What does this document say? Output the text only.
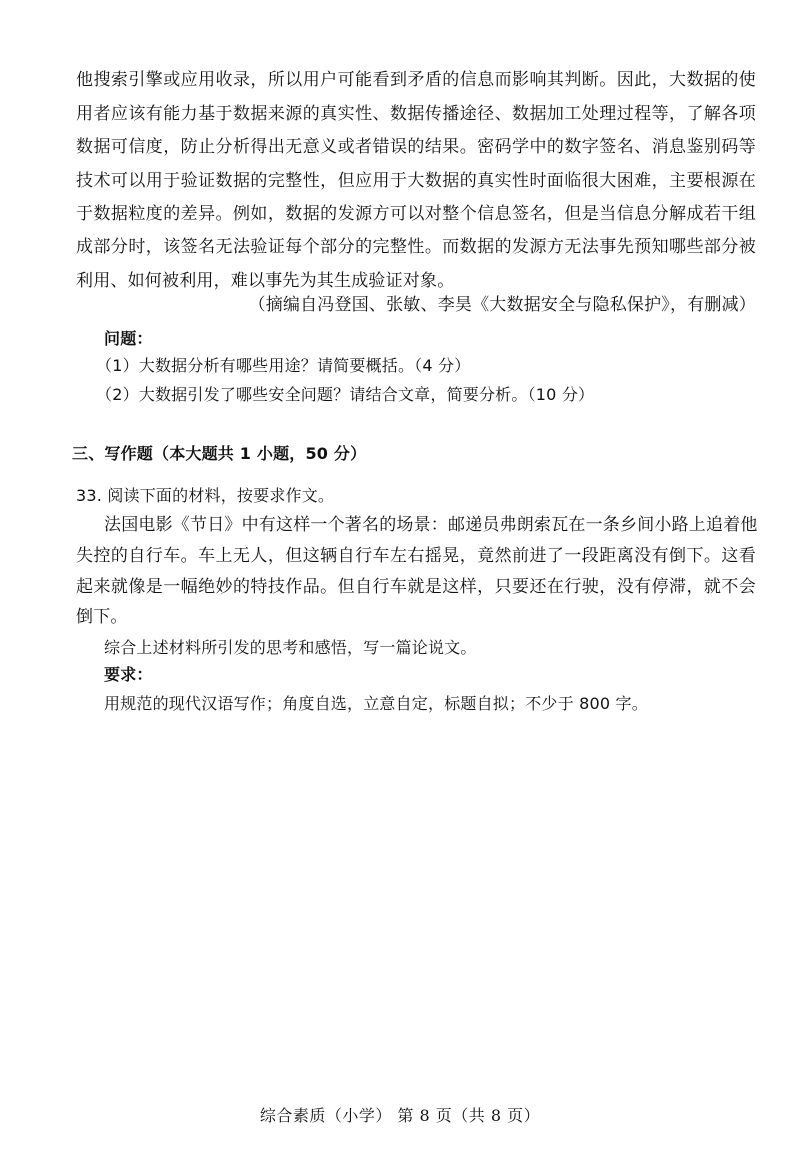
他搜索引擎或应用收录，所以用户可能看到矛盾的信息而影响其判断。因此，大数据的使
用者应该有能力基于数据来源的真实性、数据传播途径、数据加工处理过程等，了解各项
数据可信度，防止分析得出无意义或者错误的结果。密码学中的数字签名、消息鉴别码等
技术可以用于验证数据的完整性，但应用于大数据的真实性时面临很大困难，主要根源在
于数据粒度的差异。例如，数据的发源方可以对整个信息签名，但是当信息分解成若干组
成部分时，该签名无法验证每个部分的完整性。而数据的发源方无法事先预知哪些部分被
利用、如何被利用，难以事先为其生成验证对象。
（摘编自冯登国、张敏、李昊《大数据安全与隐私保护》，有删减）
问题：
（1）大数据分析有哪些用途？请简要概括。（4 分）
（2）大数据引发了哪些安全问题？请结合文章，简要分析。（10 分）
三、写作题（本大题共 1 小题，50 分）
33. 阅读下面的材料，按要求作文。
法国电影《节日》中有这样一个著名的场景：邮递员弗朗索瓦在一条乡间小路上追着他
失控的自行车。车上无人，但这辆自行车左右摇晃，竟然前进了一段距离没有倒下。这看
起来就像是一幅绝妙的特技作品。但自行车就是这样，只要还在行驶，没有停滞，就不会
倒下。
综合上述材料所引发的思考和感悟，写一篇论说文。
要求：
用规范的现代汉语写作；角度自选，立意自定，标题自拟；不少于 800 字。
综合素质（小学） 第 8 页（共 8 页）
